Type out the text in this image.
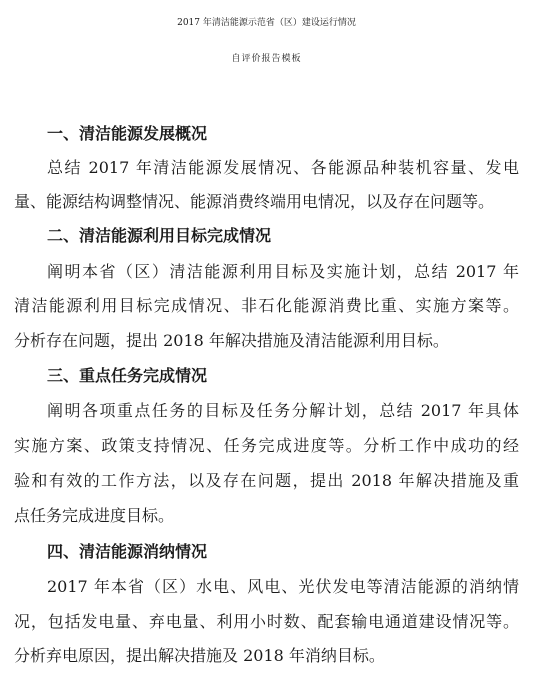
2017 年清洁能源示范省（区）建设运行情况
自评价报告模板
一、清洁能源发展概况
总结 2017 年清洁能源发展情况、各能源品种装机容量、发电
量、能源结构调整情况、能源消费终端用电情况，以及存在问题等。
二、清洁能源利用目标完成情况
阐明本省（区）清洁能源利用目标及实施计划，总结 2017 年
清洁能源利用目标完成情况、非石化能源消费比重、实施方案等。
分析存在问题，提出 2018 年解决措施及清洁能源利用目标。
三、重点任务完成情况
阐明各项重点任务的目标及任务分解计划，总结 2017 年具体
实施方案、政策支持情况、任务完成进度等。分析工作中成功的经
验和有效的工作方法，以及存在问题，提出 2018 年解决措施及重
点任务完成进度目标。
四、清洁能源消纳情况
2017 年本省（区）水电、风电、光伏发电等清洁能源的消纳情
况，包括发电量、弃电量、利用小时数、配套输电通道建设情况等。
分析弃电原因，提出解决措施及 2018 年消纳目标。
